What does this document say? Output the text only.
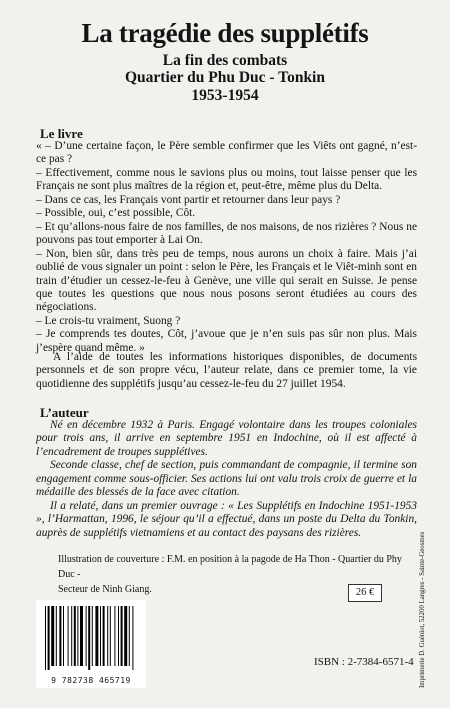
La tragédie des supplétifs

La fin des combats

Quartier du Phu Duc - Tonkin

1953-1954

Le livre

« – D’une certaine façon, le Père semble confirmer que les Viêts ont gagné, n’est-ce pas ?

– Effectivement, comme nous le savions plus ou moins, tout laisse penser que les Français ne sont plus maîtres de la région et, peut-être, même plus du Delta.

– Dans ce cas, les Français vont partir et retourner dans leur pays ?

– Possible, oui, c’est possible, Côt.

– Et qu’allons-nous faire de nos familles, de nos maisons, de nos rizières ? Nous ne pouvons pas tout emporter à Lai On.

– Non, bien sûr, dans très peu de temps, nous aurons un choix à faire. Mais j’ai oublié de vous signaler un point : selon le Père, les Français et le Viêt-minh sont en train d’étudier un cessez-le-feu à Genève, une ville qui serait en Suisse. Je pense que toutes les questions que nous nous posons seront étudiées au cours des négociations.

– Le crois-tu vraiment, Suong ?

– Je comprends tes doutes, Côt, j’avoue que je n’en suis pas sûr non plus. Mais j’espère quand même. »

A l’aide de toutes les informations historiques disponibles, de documents personnels et de son propre vécu, l’auteur relate, dans ce premier tome, la vie quotidienne des supplétifs jusqu’au cessez-le-feu du 27 juillet 1954.

L’auteur

Né en décembre 1932 à Paris. Engagé volontaire dans les troupes coloniales pour trois ans, il arrive en septembre 1951 en Indochine, où il est affecté à l’encadrement de troupes supplétives.

Seconde classe, chef de section, puis commandant de compagnie, il termine son engagement comme sous-officier. Ses actions lui ont valu trois croix de guerre et la médaille des blessés de la face avec citation.

Il a relaté, dans un premier ouvrage : « Les Supplétifs en Indochine 1951-1953 », l’Harmattan, 1996, le séjour qu’il a effectué, dans un poste du Delta du Tonkin, auprès de supplétifs vietnamiens et au contact des paysans des rizières.

Illustration de couverture : F.M. en position à la pagode de Ha Thon - Quartier du Phy Duc -

Secteur de Ninh Giang.	26 €
9 782738 465719
ISBN : 2-7384-6571-4 Imprimerie D. Guéniot, 52200 Langres - Sainte-Geosmes
